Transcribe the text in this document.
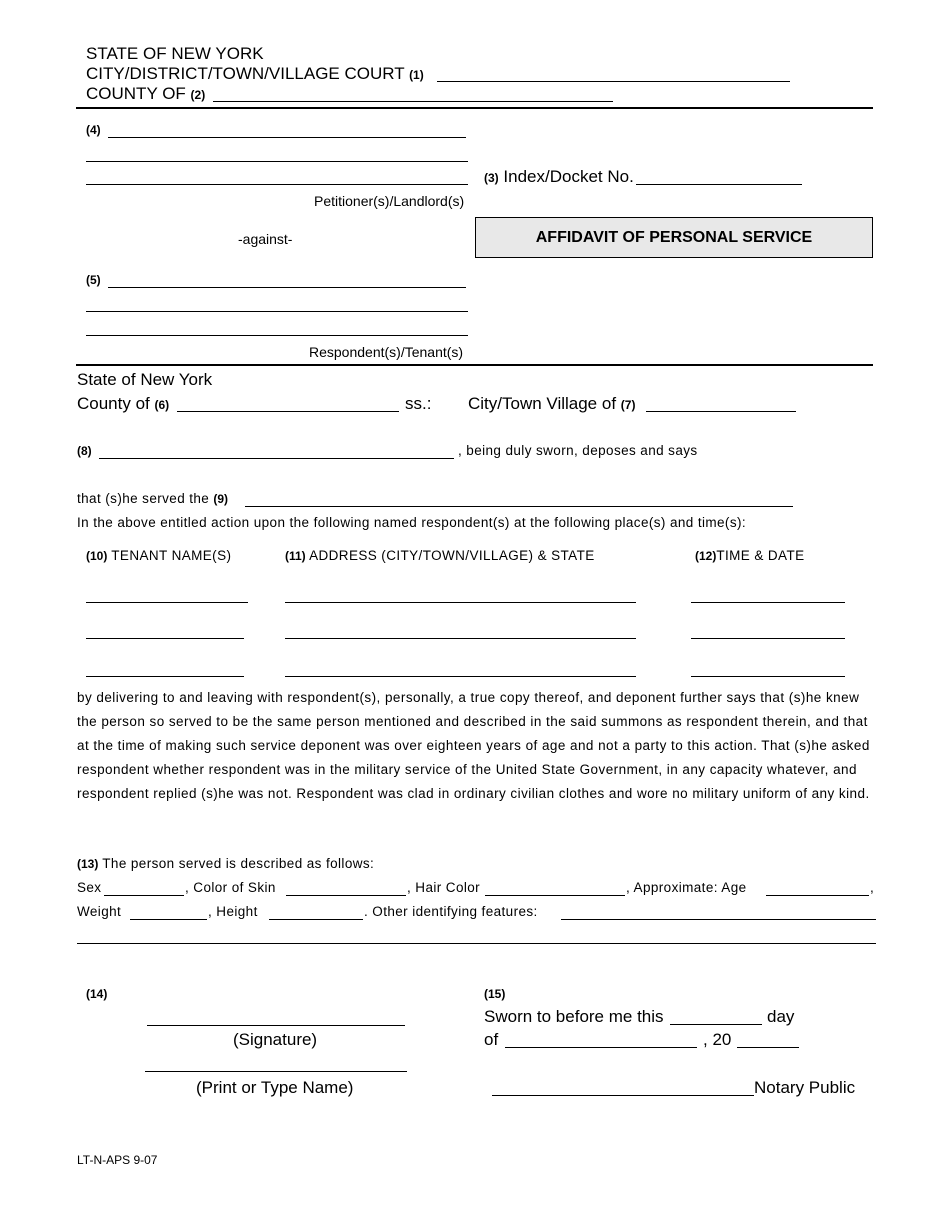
STATE OF NEW YORK
CITY/DISTRICT/TOWN/VILLAGE COURT (1)
COUNTY OF (2)
(4)
Petitioner(s)/Landlord(s)
(3) Index/Docket No.
-against-	AFFIDAVIT OF PERSONAL SERVICE
(5)
Respondent(s)/Tenant(s)
State of New York
County of (6)	ss.: City/Town Village of (7)
(8)	, being duly sworn, deposes and says
that (s)he served the (9)
In the above entitled action upon the following named respondent(s) at the following place(s) and time(s):
(10) TENANT NAME(S)	(11) ADDRESS (CITY/TOWN/VILLAGE) & STATE	(12)TIME & DATE
by delivering to and leaving with respondent(s), personally, a true copy thereof, and deponent further says that (s)he knew the person so served to be the same person mentioned and described in the said summons as respondent therein, and that at the time of making such service deponent was over eighteen years of age and not a party to this action. That (s)he asked respondent whether respondent was in the military service of the United State Government, in any capacity whatever, and respondent replied (s)he was not. Respondent was clad in ordinary civilian clothes and wore no military uniform of any kind.
(13) The person served is described as follows:
Sex	, Color of Skin	, Hair Color	, Approximate: Age	,
Weight	, Height	. Other identifying features:
(14)
(Signature)
(Print or Type Name)
(15)
Sworn to before me this	day
of	, 20
Notary Public
LT-N-APS 9-07
